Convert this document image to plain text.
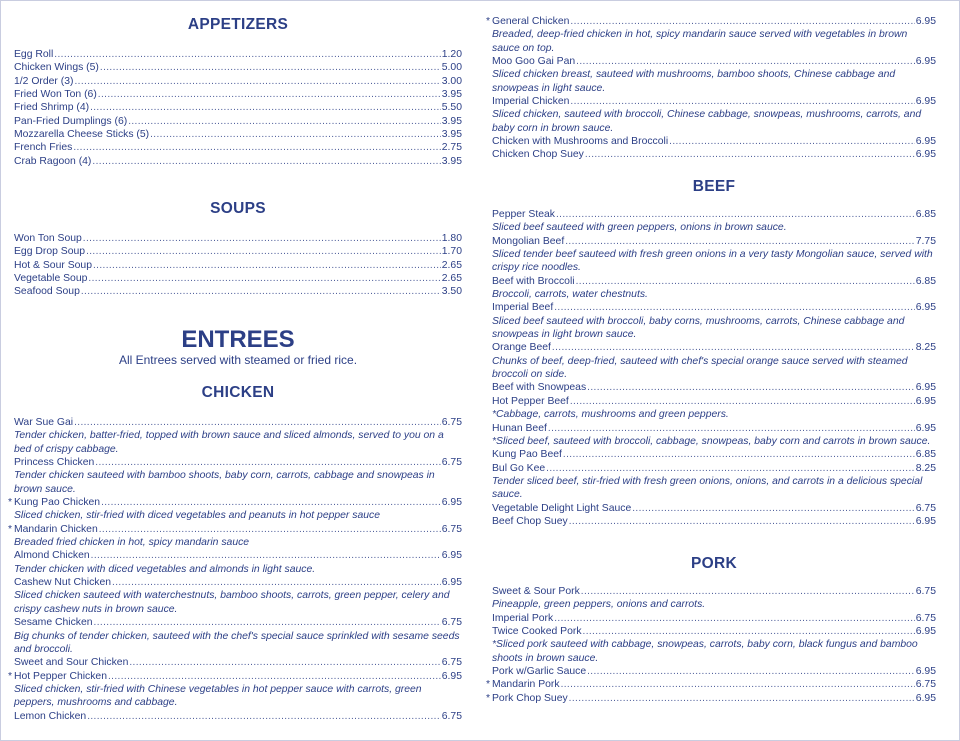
APPETIZERS
Egg Roll .....	1.20
Chicken Wings (5) .....	5.00
1/2 Order (3) .....	3.00
Fried Won Ton (6) .....	3.95
Fried Shrimp (4) .....	5.50
Pan-Fried Dumplings (6) .....	3.95
Mozzarella Cheese Sticks (5) .....	3.95
French Fries .....	2.75
Crab Ragoon (4) .....	3.95
SOUPS
Won Ton Soup .....	1.80
Egg Drop Soup .....	1.70
Hot & Sour Soup .....	2.65
Vegetable Soup .....	2.65
Seafood Soup .....	3.50
ENTREES
All Entrees served with steamed or fried rice.
CHICKEN
War Sue Gai .....	6.75
Tender chicken, batter-fried, topped with brown sauce and sliced almonds, served to you on a bed of crispy cabbage.
Princess Chicken .....	6.75
Tender chicken sauteed with bamboo shoots, baby corn, carrots, cabbage and snowpeas in brown sauce.
* Kung Pao Chicken .....	6.95
Sliced chicken, stir-fried with diced vegetables and peanuts in hot pepper sauce
* Mandarin Chicken .....	6.75
Breaded fried chicken in hot, spicy mandarin sauce
Almond Chicken .....	6.95
Tender chicken with diced vegetables and almonds in light sauce.
Cashew Nut Chicken .....	6.95
Sliced chicken sauteed with waterchestnuts, bamboo shoots, carrots, green pepper, celery and crispy cashew nuts in brown sauce.
Sesame Chicken .....	6.75
Big chunks of tender chicken, sauteed with the chef's special sauce sprinkled with sesame seeds and broccoli.
Sweet and Sour Chicken .....	6.75
* Hot Pepper Chicken .....	6.95
Sliced chicken, stir-fried with Chinese vegetables in hot pepper sauce with carrots, green peppers, mushrooms and cabbage.
Lemon Chicken .....	6.75
* General Chicken .....	6.95
Breaded, deep-fried chicken in hot, spicy mandarin sauce served with vegetables in brown sauce on top.
Moo Goo Gai Pan .....	6.95
Sliced chicken breast, sauteed with mushrooms, bamboo shoots, Chinese cabbage and snowpeas in light sauce.
Imperial Chicken .....	6.95
Sliced chicken, sauteed with broccoli, Chinese cabbage, snowpeas, mushrooms, carrots, and baby corn in brown sauce.
Chicken with Mushrooms and Broccoli .....	6.95
Chicken Chop Suey .....	6.95
BEEF
Pepper Steak .....	6.85
Sliced beef sauteed with green peppers, onions in brown sauce.
Mongolian Beef .....	7.75
Sliced tender beef sauteed with fresh green onions in a very tasty Mongolian sauce, served with crispy rice noodles.
Beef with Broccoli .....	6.85
Broccoli, carrots, water chestnuts.
Imperial Beef .....	6.95
Sliced beef sauteed with broccoli, baby corns, mushrooms, carrots, Chinese cabbage and snowpeas in light brown sauce.
Orange Beef .....	8.25
Chunks of beef, deep-fried, sauteed with chef's special orange sauce served with steamed broccoli on side.
Beef with Snowpeas .....	6.95
Hot Pepper Beef .....	6.95
*Cabbage, carrots, mushrooms and green peppers.
Hunan Beef .....	6.95
*Sliced beef, sauteed with broccoli, cabbage, snowpeas, baby corn and carrots in brown sauce.
Kung Pao Beef .....	6.85
Bul Go Kee .....	8.25
Tender sliced beef, stir-fried with fresh green onions, onions, and carrots in a delicious special sauce.
Vegetable Delight Light Sauce .....	6.75
Beef Chop Suey .....	6.95
PORK
Sweet & Sour Pork .....	6.75
Pineapple, green peppers, onions and carrots.
Imperial Pork .....	6.75
Twice Cooked Pork .....	6.95
*Sliced pork sauteed with cabbage, snowpeas, carrots, baby corn, black fungus and bamboo shoots in brown sauce.
Pork w/Garlic Sauce .....	6.95
* Mandarin Pork .....	6.75
* Pork Chop Suey .....	6.95
